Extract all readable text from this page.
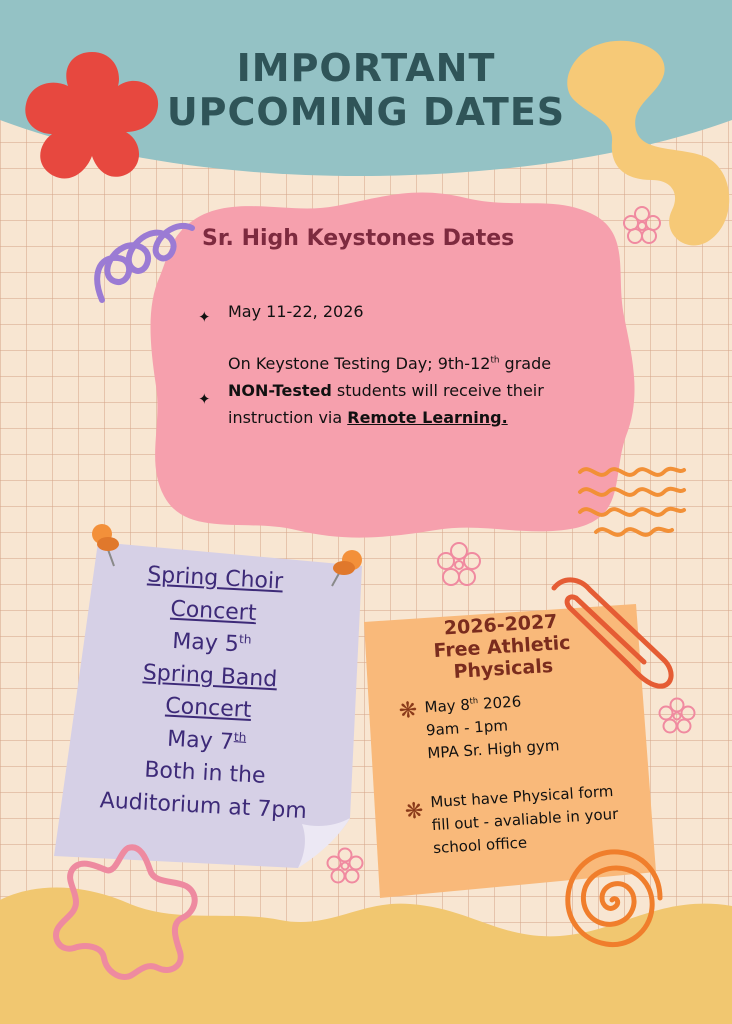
IMPORTANT
UPCOMING DATES
Sr. High Keystones Dates
✦ May 11-22, 2026
✦
On Keystone Testing Day; 9th-12th grade NON-Tested students will receive their instruction via Remote Learning.
Spring Choir
Concert
May 5th
Spring Band
Concert
May 7th
Both in the
Auditorium at 7pm
2026-2027
Free Athletic
Physicals
❋ May 8th 2026
9am - 1pm
MPA Sr. High gym
❋
Must have Physical form
fill out - avaliable in your
school office
